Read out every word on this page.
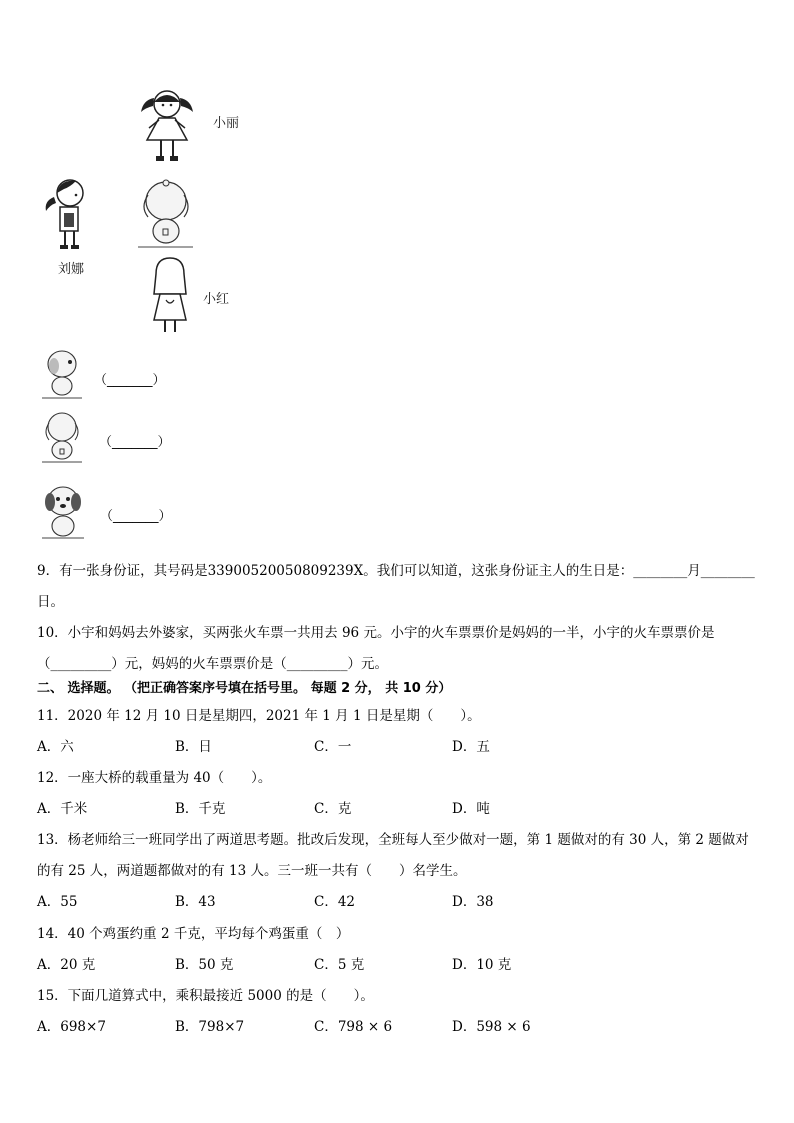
小丽
刘娜
小红
（_______）
（_______）
（_______）
9．有一张身份证，其号码是339005200508092​39X。我们可以知道，这张身份证主人的生日是：________月________
日。
10．小宇和妈妈去外婆家，买两张火车票一共用去 96 元。小宇的火车票票价是妈妈的一半，小宇的火车票票价是
（_________）元，妈妈的火车票票价是（_________）元。
二、 选择题。 （把正确答案序号填在括号里。 每题 2 分， 共 10 分）
11．2020 年 12 月 10 日是星期四，2021 年 1 月 1 日是星期（　　）。
A．六	B．日	C．一	D．五
12．一座大桥的载重量为 40（　　）。
A．千米	B．千克	C．克	D．吨
13．杨老师给三一班同学出了两道思考题。批改后发现，全班每人至少做对一题，第 1 题做对的有 30 人，第 2 题做对
的有 25 人，两道题都做对的有 13 人。三一班一共有（　　）名学生。
A．55	B．43	C．42	D．38
14．40 个鸡蛋约重 2 千克，平均每个鸡蛋重（　）
A．20 克	B．50 克	C．5 克	D．10 克
15．下面几道算式中，乘积最接近 5000 的是（　　）。
A．698×7	B．798×7	C．798 × 6	D．598 × 6
